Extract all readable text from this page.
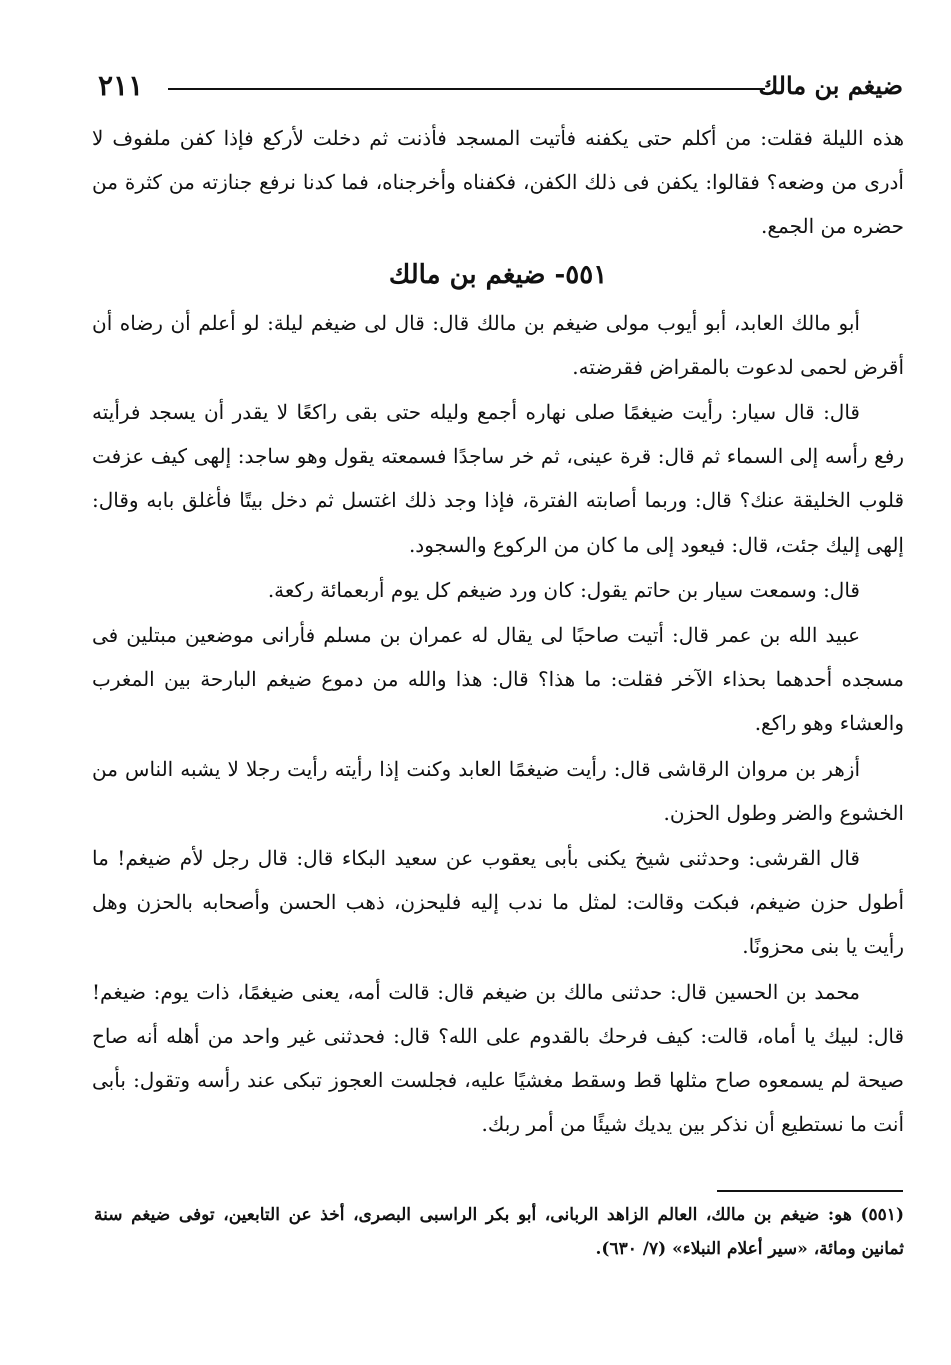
ضيغم بن مالك
٢١١

هذه الليلة فقلت: من أكلم حتى يكفنه فأتيت المسجد فأذنت ثم دخلت لأركع فإذا كفن ملفوف لا أدرى من وضعه؟ فقالوا: يكفن فى ذلك الكفن، فكفناه وأخرجناه، فما كدنا نرفع جنازته من كثرة من حضره من الجمع.

٥٥١- ضيغم بن مالك

أبو مالك العابد، أبو أيوب مولى ضيغم بن مالك قال: قال لى ضيغم ليلة: لو أعلم أن رضاه أن أقرض لحمى لدعوت بالمقراض فقرضته.

قال: قال سيار: رأيت ضيغمًا صلى نهاره أجمع وليله حتى بقى راكعًا لا يقدر أن يسجد فرأيته رفع رأسه إلى السماء ثم قال: قرة عينى، ثم خر ساجدًا فسمعته يقول وهو ساجد: إلهى كيف عزفت قلوب الخليقة عنك؟ قال: وربما أصابته الفترة، فإذا وجد ذلك اغتسل ثم دخل بيتًا فأغلق بابه وقال: إلهى إليك جئت، قال: فيعود إلى ما كان من الركوع والسجود.

قال: وسمعت سيار بن حاتم يقول: كان ورد ضيغم كل يوم أربعمائة ركعة.

عبيد الله بن عمر قال: أتيت صاحبًا لى يقال له عمران بن مسلم فأرانى موضعين مبتلين فى مسجده أحدهما بحذاء الآخر فقلت: ما هذا؟ قال: هذا والله من دموع ضيغم البارحة بين المغرب والعشاء وهو راكع.

أزهر بن مروان الرقاشى قال: رأيت ضيغمًا العابد وكنت إذا رأيته رأيت رجلا لا يشبه الناس من الخشوع والضر وطول الحزن.

قال القرشى: وحدثنى شيخ يكنى بأبى يعقوب عن سعيد البكاء قال: قال رجل لأم ضيغم! ما أطول حزن ضيغم، فبكت وقالت: لمثل ما ندب إليه فليحزن، ذهب الحسن وأصحابه بالحزن وهل رأيت يا بنى محزونًا.

محمد بن الحسين قال: حدثنى مالك بن ضيغم قال: قالت أمه، يعنى ضيغمًا، ذات يوم: ضيغم! قال: لبيك يا أماه، قالت: كيف فرحك بالقدوم على الله؟ قال: فحدثنى غير واحد من أهله أنه صاح صيحة لم يسمعوه صاح مثلها قط وسقط مغشيًا عليه، فجلست العجوز تبكى عند رأسه وتقول: بأبى أنت ما نستطيع أن نذكر بين يديك شيئًا من أمر ربك.

(٥٥١) هو: ضيغم بن مالك، العالم الزاهد الربانى، أبو بكر الراسبى البصرى، أخذ عن التابعين، توفى ضيغم سنة ثمانين ومائة، «سير أعلام النبلاء» (٧/ ٦٣٠).
